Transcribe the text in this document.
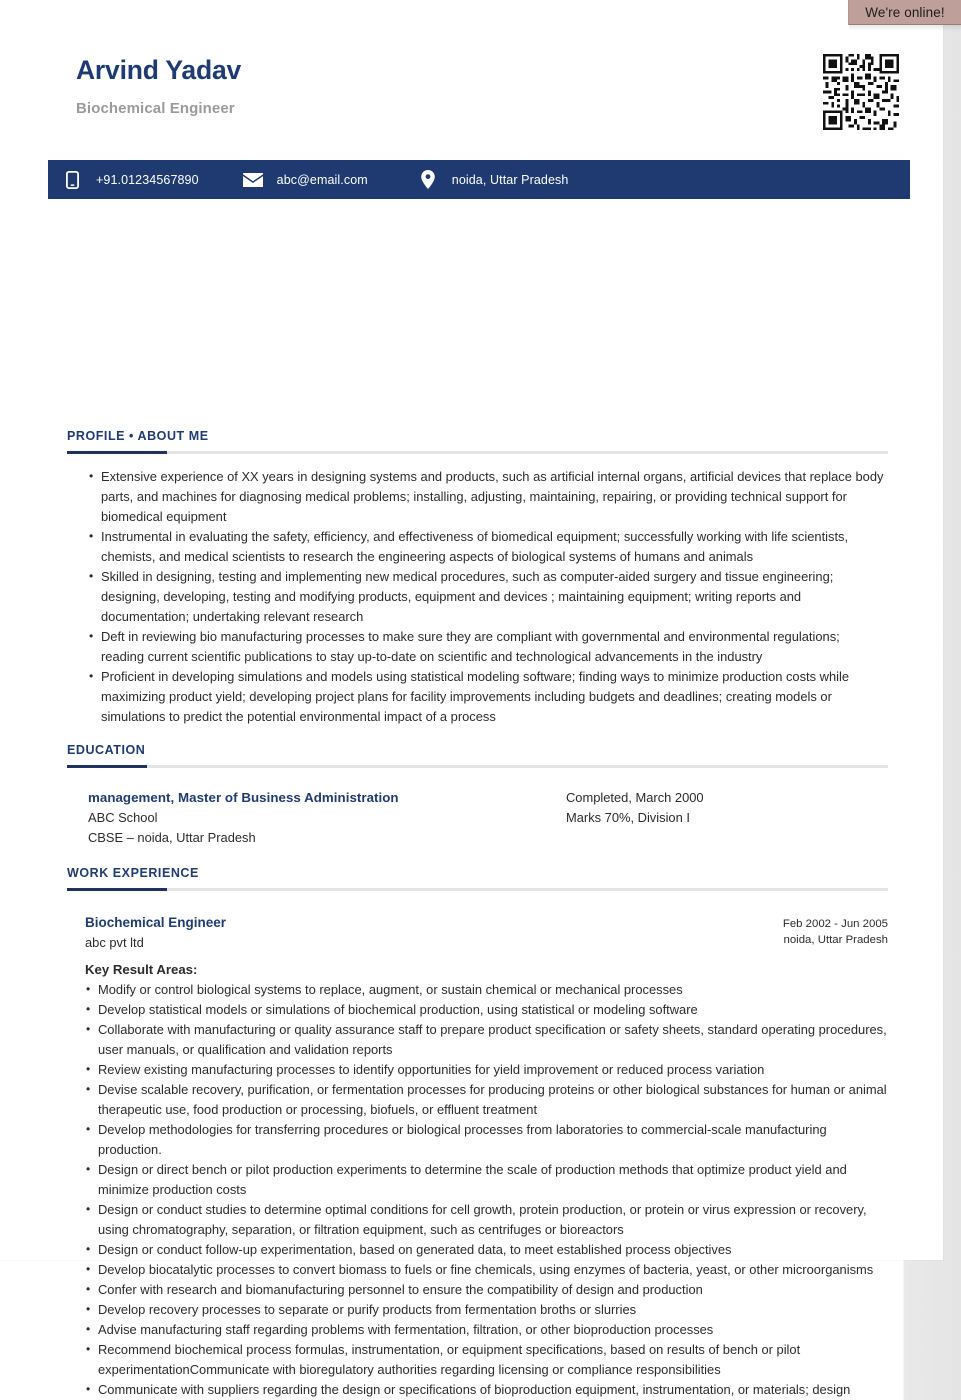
Arvind Yadav
Biochemical Engineer
+91.01234567890	abc@email.com	noida, Uttar Pradesh
PROFILE • ABOUT ME
• Extensive experience of XX years in designing systems and products, such as artificial internal organs, artificial devices that replace body parts, and machines for diagnosing medical problems; installing, adjusting, maintaining, repairing, or providing technical support for biomedical equipment
• Instrumental in evaluating the safety, efficiency, and effectiveness of biomedical equipment; successfully working with life scientists, chemists, and medical scientists to research the engineering aspects of biological systems of humans and animals
• Skilled in designing, testing and implementing new medical procedures, such as computer-aided surgery and tissue engineering; designing, developing, testing and modifying products, equipment and devices ; maintaining equipment; writing reports and documentation; undertaking relevant research
• Deft in reviewing bio manufacturing processes to make sure they are compliant with governmental and environmental regulations; reading current scientific publications to stay up-to-date on scientific and technological advancements in the industry
• Proficient in developing simulations and models using statistical modeling software; finding ways to minimize production costs while maximizing product yield; developing project plans for facility improvements including budgets and deadlines; creating models or simulations to predict the potential environmental impact of a process
EDUCATION
management, Master of Business Administration
ABC School
CBSE – noida, Uttar Pradesh
Completed, March 2000
Marks 70%, Division I
WORK EXPERIENCE
Biochemical Engineer
abc pvt ltd
Feb 2002 - Jun 2005
noida, Uttar Pradesh
Key Result Areas:
• Modify or control biological systems to replace, augment, or sustain chemical or mechanical processes
• Develop statistical models or simulations of biochemical production, using statistical or modeling software
• Collaborate with manufacturing or quality assurance staff to prepare product specification or safety sheets, standard operating procedures, user manuals, or qualification and validation reports
• Review existing manufacturing processes to identify opportunities for yield improvement or reduced process variation
• Devise scalable recovery, purification, or fermentation processes for producing proteins or other biological substances for human or animal therapeutic use, food production or processing, biofuels, or effluent treatment
• Develop methodologies for transferring procedures or biological processes from laboratories to commercial-scale manufacturing production.
• Design or direct bench or pilot production experiments to determine the scale of production methods that optimize product yield and minimize production costs
• Design or conduct studies to determine optimal conditions for cell growth, protein production, or protein or virus expression or recovery, using chromatography, separation, or filtration equipment, such as centrifuges or bioreactors
• Design or conduct follow-up experimentation, based on generated data, to meet established process objectives
• Develop biocatalytic processes to convert biomass to fuels or fine chemicals, using enzymes of bacteria, yeast, or other microorganisms
• Confer with research and biomanufacturing personnel to ensure the compatibility of design and production
• Develop recovery processes to separate or purify products from fermentation broths or slurries
• Advise manufacturing staff regarding problems with fermentation, filtration, or other bioproduction processes
• Recommend biochemical process formulas, instrumentation, or equipment specifications, based on results of bench or pilot experimentationCommunicate with bioregulatory authorities regarding licensing or compliance responsibilities
• Communicate with suppliers regarding the design or specifications of bioproduction equipment, instrumentation, or materials; design
We're online!
